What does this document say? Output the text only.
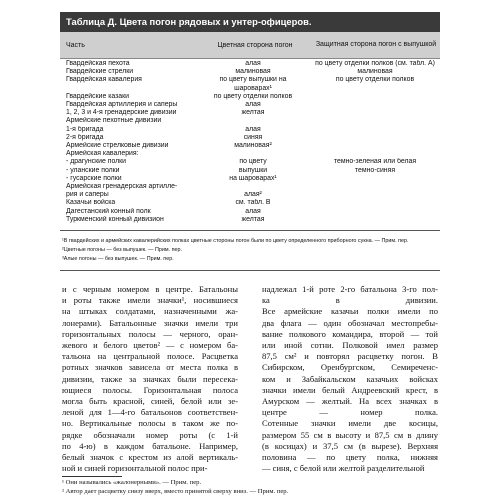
Таблица Д. Цвета погон рядовых и унтер-офицеров.
Часть	Цветная сторона погон	Защитная сторона погон с выпушкой
Гвардейская пехота	алая	по цвету отделки полков (см. табл. А)
Гвардейские стрелки	малиновая	малиновая
Гвардейская кавалерия	по цвету выпушки на	по цвету отделки полков
шароварах¹
Гвардейские казаки	по цвету отделки полков
Гвардейская артиллерия и саперы	алая
1, 2, 3 и 4-я гренадерские дивизии	желтая
Армейские пехотные дивизии
1-я бригада	алая
2-я бригада	синяя
Армейские стрелковые дивизии	малиновая²
Армейская кавалерия:
- драгунские полки	по цвету	темно-зеленая или белая
- уланские полки	выпушки	темно-синяя
- гусарские полки	на шароварах¹
Армейская гренадерская артилле-
рия и саперы	алая²
Казачьи войска	см. табл. В
Дагестанский конный полк	алая
Туркменский конный дивизион	желтая
¹В гвардейских и армейских кавалерийских полках цветные стороны погон были по цвету определенного приборного сукна. — Прим. пер.
²Цветные погоны — без выпушек. — Прим. пер.
³Алые погоны — без выпушек. — Прим. пер.
и с черным номером в центре. Батальоны
и роты также имели значки¹, носившиеся
на штыках солдатами, назначенными жа-
лонерами). Батальонные значки имели три
горизонтальных полосы — черного, оран-
жевого и белого цветов² — с номером ба-
тальона на центральной полосе. Расцветка
ротных значков зависела от места полка в
дивизии, также за значках были пересека-
ющиеся полосы. Горизонтальная полоса
могла быть красной, синей, белой или зе-
леной для 1—4-го батальонов соответствен-
но. Вертикальные полосы в таком же по-
рядке обозначали номер роты (с 1-й
по 4-ю) в каждом батальоне. Например,
белый значок с крестом из алой вертикаль-
ной и синей горизонтальной полос при-
надлежал 1-й роте 2-го батальона 3-го пол-
ка в дивизии.
Все армейские казачьи полки имели по
два флага — один обозначал местопребы-
вание полкового командира, второй — той
или иной сотни. Полковой имел размер
87,5 см² и повторял расцветку погон. В
Сибирском, Оренбургском, Семиреченс-
ком и Забайкальском казачьих войсках
значки имели белый Андреевский крест, в
Амурском — желтый. На всех значках в
центре — номер полка.
Сотенные значки имели две косицы,
размером 55 см в высоту и 87,5 см в длину
(в косицах) и 37,5 см (в вырезе). Верхняя
половина — по цвету полка, нижняя
— синя, с белой или желтой разделительной
¹ Они назывались «жалонерными». — Прим. пер.
² Автор дает расцветку снизу вверх, вместо принятой сверху вниз. — Прим. пер.
